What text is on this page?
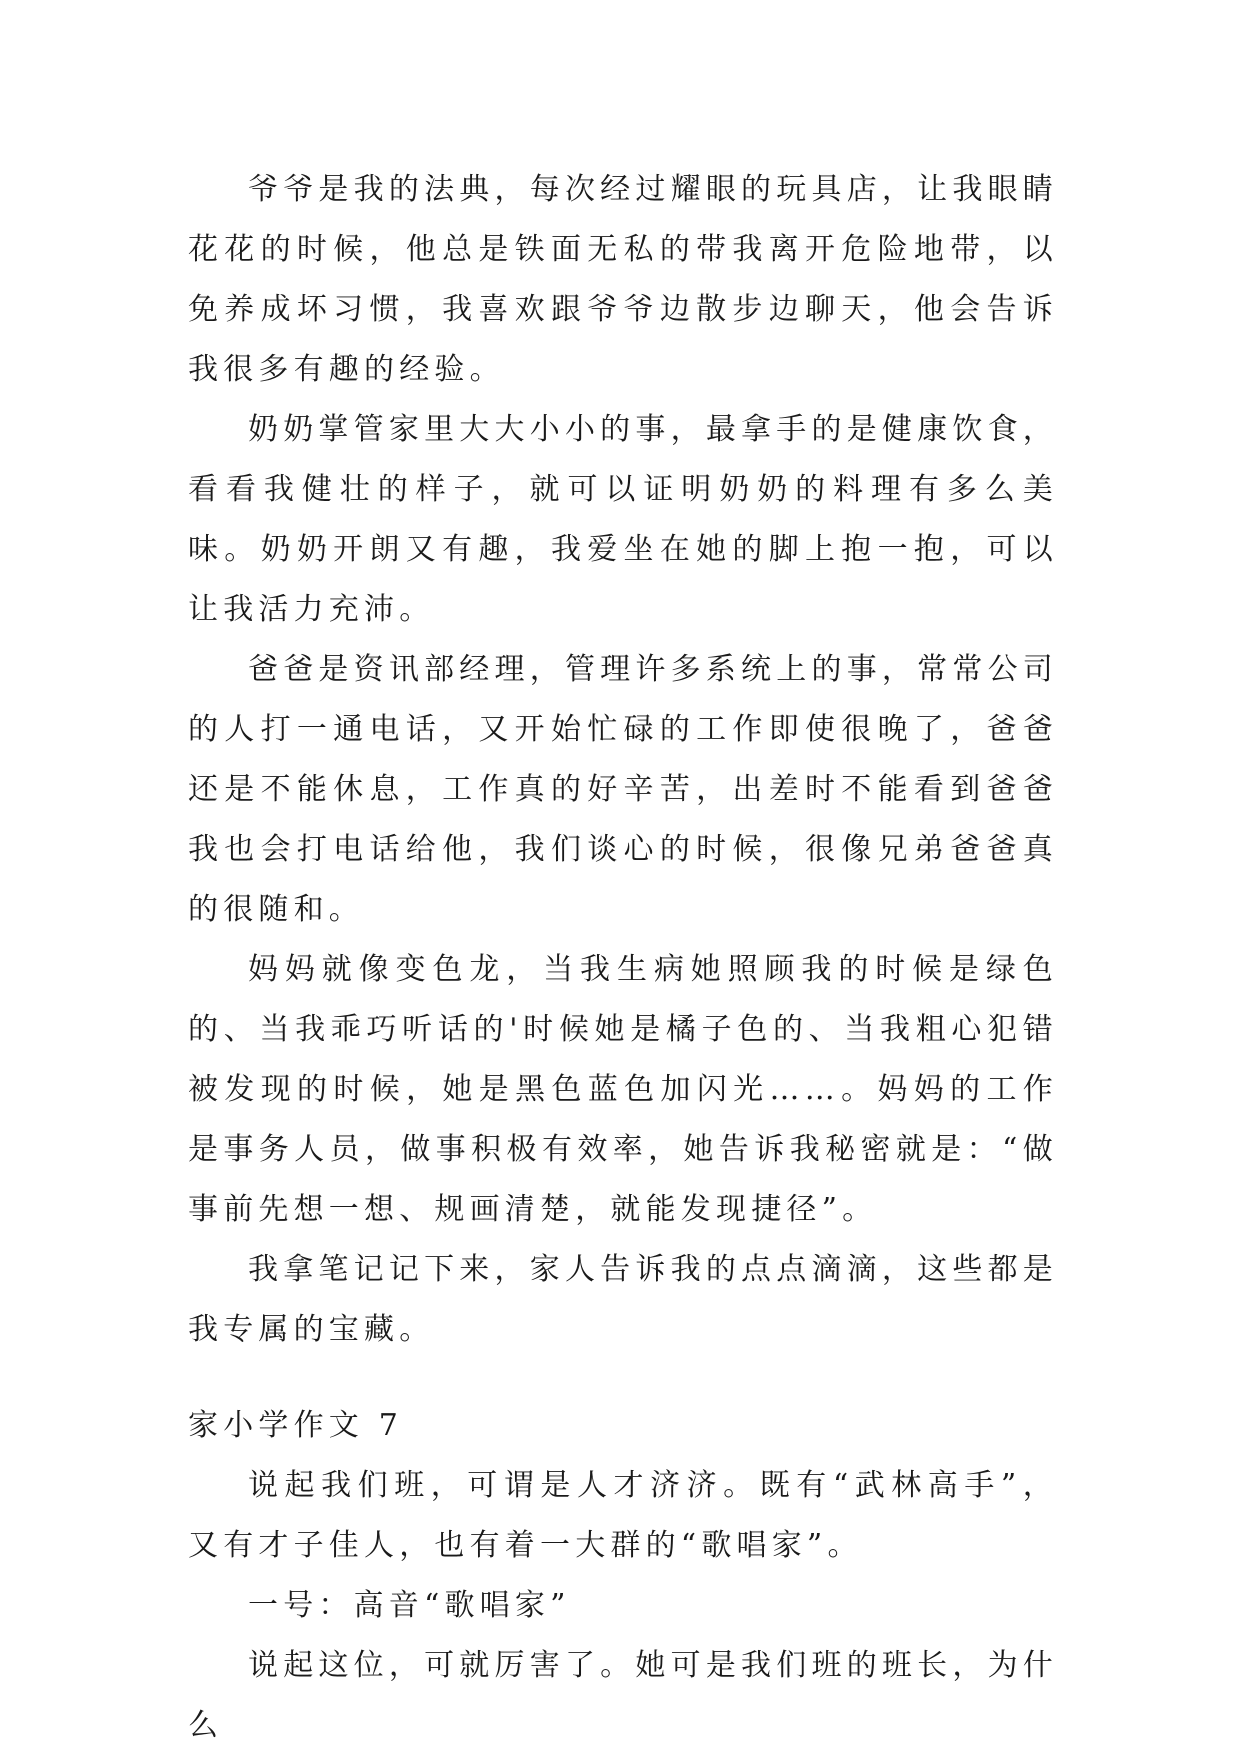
爷爷是我的法典，每次经过耀眼的玩具店，让我眼睛花花的时候，他总是铁面无私的带我离开危险地带，以免养成坏习惯，我喜欢跟爷爷边散步边聊天，他会告诉我很多有趣的经验。

奶奶掌管家里大大小小的事，最拿手的是健康饮食，看看我健壮的样子，就可以证明奶奶的料理有多么美味。奶奶开朗又有趣，我爱坐在她的脚上抱一抱，可以让我活力充沛。

爸爸是资讯部经理，管理许多系统上的事，常常公司的人打一通电话，又开始忙碌的工作即使很晚了，爸爸还是不能休息，工作真的好辛苦，出差时不能看到爸爸我也会打电话给他，我们谈心的时候，很像兄弟爸爸真的很随和。

妈妈就像变色龙，当我生病她照顾我的时候是绿色的、当我乖巧听话的'时候她是橘子色的、当我粗心犯错被发现的时候，她是黑色蓝色加闪光……。妈妈的工作是事务人员，做事积极有效率，她告诉我秘密就是：“做事前先想一想、规画清楚，就能发现捷径”。

我拿笔记记下来，家人告诉我的点点滴滴，这些都是我专属的宝藏。

家小学作文 7

说起我们班，可谓是人才济济。既有“武林高手”，又有才子佳人，也有着一大群的“歌唱家”。

一号：高音“歌唱家”

说起这位，可就厉害了。她可是我们班的班长，为什么
